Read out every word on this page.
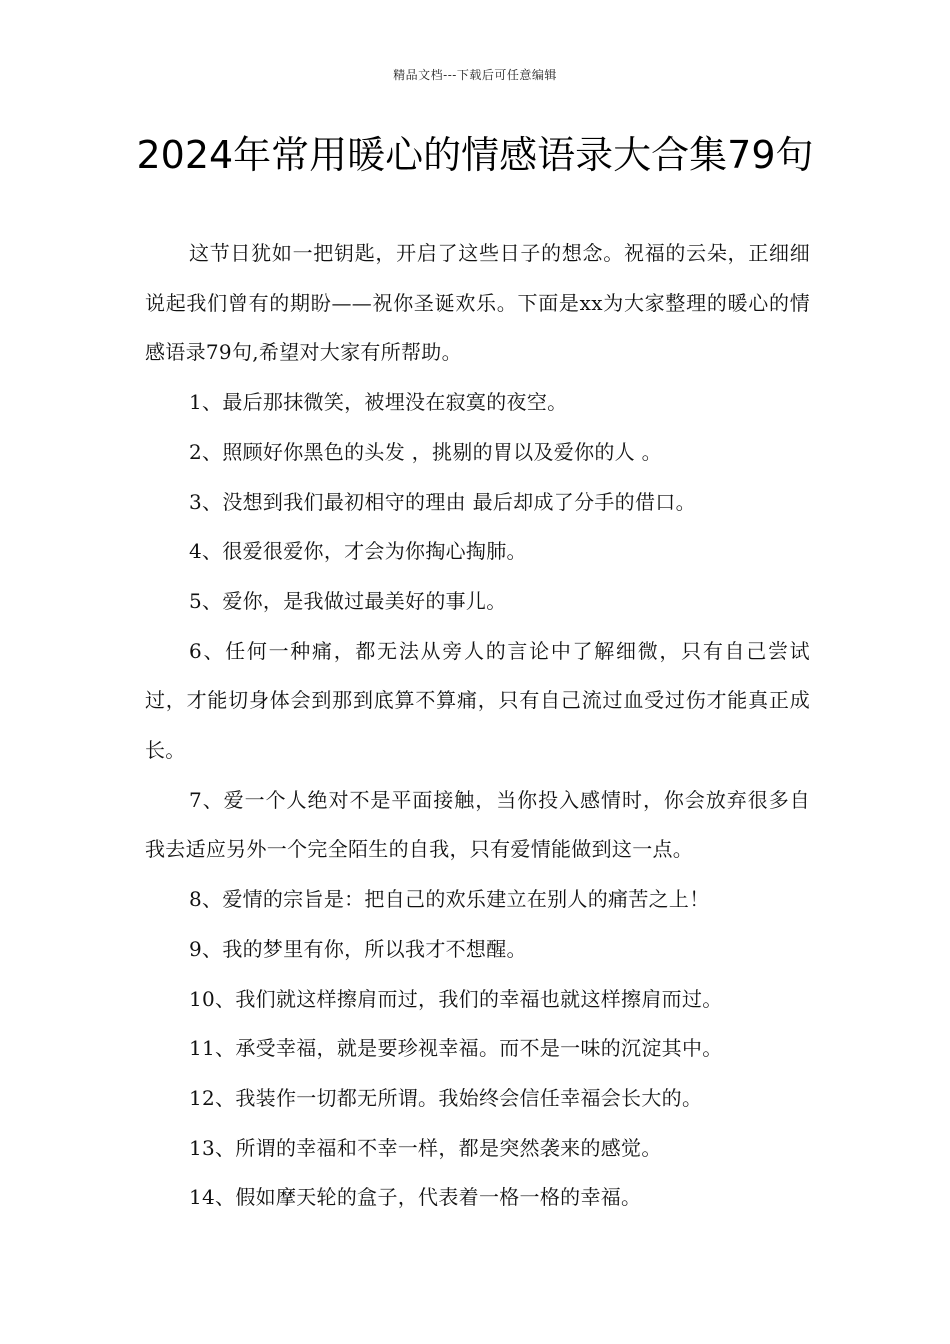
精品文档---下载后可任意编辑
2024年常用暖心的情感语录大合集79句

这节日犹如一把钥匙，开启了这些日子的想念。祝福的云朵，正细细说起我们曾有的期盼——祝你圣诞欢乐。下面是xx为大家整理的暖心的情感语录79句,希望对大家有所帮助。

1、最后那抹微笑，被埋没在寂寞的夜空。

2、照顾好你黑色的头发 ，挑剔的胃以及爱你的人 。

3、没想到我们最初相守的理由 最后却成了分手的借口。

4、很爱很爱你，才会为你掏心掏肺。

5、爱你，是我做过最美好的事儿。

6、任何一种痛，都无法从旁人的言论中了解细微，只有自己尝试过，才能切身体会到那到底算不算痛，只有自己流过血受过伤才能真正成长。

7、爱一个人绝对不是平面接触，当你投入感情时，你会放弃很多自我去适应另外一个完全陌生的自我，只有爱情能做到这一点。

8、爱情的宗旨是：把自己的欢乐建立在别人的痛苦之上！

9、我的梦里有你，所以我才不想醒。

10、我们就这样擦肩而过，我们的幸福也就这样擦肩而过。

11、承受幸福，就是要珍视幸福。而不是一味的沉淀其中。

12、我装作一切都无所谓。我始终会信任幸福会长大的。

13、所谓的幸福和不幸一样，都是突然袭来的感觉。

14、假如摩天轮的盒子，代表着一格一格的幸福。
